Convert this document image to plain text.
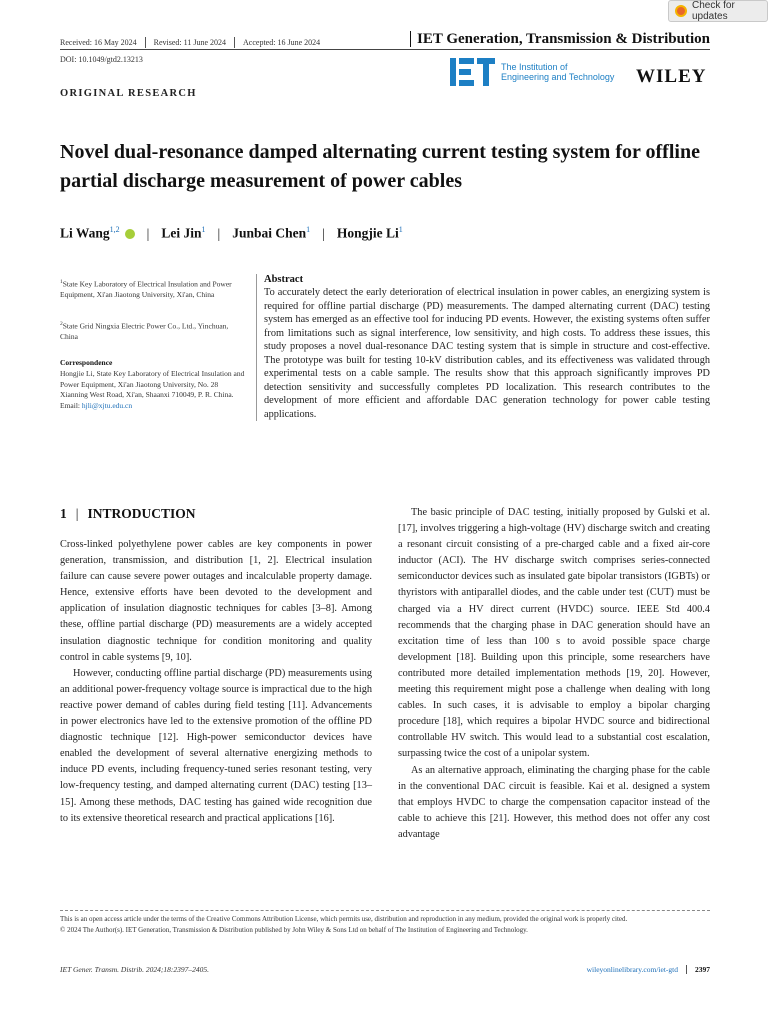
Check for updates
Received: 16 May 2024	Revised: 11 June 2024	Accepted: 16 June 2024	IET Generation, Transmission & Distribution
DOI: 10.1049/gtd2.13213
The Institution of
Engineering and Technology WILEY
ORIGINAL RESEARCH
Novel dual-resonance damped alternating current testing system for offline partial discharge measurement of power cables
Li Wang$^{1,2}$ | Lei Jin$^1$ | Junbai Chen$^1$ | Hongjie Li$^1$
$^1$State Key Laboratory of Electrical Insulation and Power Equipment, Xi'an Jiaotong University, Xi'an, China
$^2$State Grid Ningxia Electric Power Co., Ltd., Yinchuan, China
Correspondence
Hongjie Li, State Key Laboratory of Electrical Insulation and Power Equipment, Xi'an Jiaotong University, No. 28 Xianning West Road, Xi'an, Shaanxi 710049, P. R. China.
Email: hjli@xjtu.edu.cn
Abstract
To accurately detect the early deterioration of electrical insulation in power cables, an energizing system is required for offline partial discharge (PD) measurements. The damped alternating current (DAC) testing system has emerged as an effective tool for inducing PD events. However, the existing systems often suffer from limitations such as signal interference, low sensitivity, and high costs. To address these issues, this study proposes a novel dual-resonance DAC testing system that is simple in structure and cost-effective. The prototype was built for testing 10-kV distribution cables, and its effectiveness was validated through experimental tests on a cable sample. The results show that this approach significantly improves PD detection sensitivity and successfully completes PD localization. This research contributes to the development of more efficient and affordable DAC generation technology for power cable testing applications.
1 | INTRODUCTION

Cross-linked polyethylene power cables are key components in power generation, transmission, and distribution [1, 2]. Electrical insulation failure can cause severe power outages and incalculable property damage. Hence, extensive efforts have been devoted to the development and application of insulation diagnostic techniques for cables [3–8]. Among these, offline partial discharge (PD) measurements are a widely accepted insulation diagnostic technique for condition monitoring and quality control in cable systems [9, 10].

However, conducting offline partial discharge (PD) measurements using an additional power-frequency voltage source is impractical due to the high reactive power demand of cables during field testing [11]. Advancements in power electronics have led to the extensive promotion of the offline PD diagnostic technique [12]. High-power semiconductor devices have enabled the development of several alternative energizing methods to induce PD events, including frequency-tuned series resonant testing, very low-frequency testing, and damped alternating current (DAC) testing [13–15]. Among these methods, DAC testing has gained wide recognition due to its extensive theoretical research and practical applications [16].

The basic principle of DAC testing, initially proposed by Gulski et al. [17], involves triggering a high-voltage (HV) discharge switch and creating a resonant circuit consisting of a pre-charged cable and a fixed air-core inductor (ACI). The HV discharge switch comprises series-connected semiconductor devices such as insulated gate bipolar transistors (IGBTs) or thyristors with antiparallel diodes, and the cable under test (CUT) must be charged via a HV direct current (HVDC) source. IEEE Std 400.4 recommends that the charging phase in DAC generation should have an excitation time of less than 100 s to avoid possible space charge development [18]. Building upon this principle, some researchers have contributed more detailed implementation methods [19, 20]. However, meeting this requirement might pose a challenge when dealing with long cables. In such cases, it is advisable to employ a bipolar charging procedure [18], which requires a bipolar HVDC source and bidirectional controllable HV switch. This would lead to a substantial cost escalation, surpassing twice the cost of a unipolar system.

As an alternative approach, eliminating the charging phase for the cable in the conventional DAC circuit is feasible. Kai et al. designed a system that employs HVDC to charge the compensation capacitor instead of the cable to achieve this [21]. However, this method does not offer any cost advantage

This is an open access article under the terms of the Creative Commons Attribution License, which permits use, distribution and reproduction in any medium, provided the original work is properly cited.
© 2024 The Author(s). IET Generation, Transmission & Distribution published by John Wiley & Sons Ltd on behalf of The Institution of Engineering and Technology.
IET Gener. Transm. Distrib. 2024;18:2397–2405.	wileyonlinelibrary.com/iet-gtd	2397
